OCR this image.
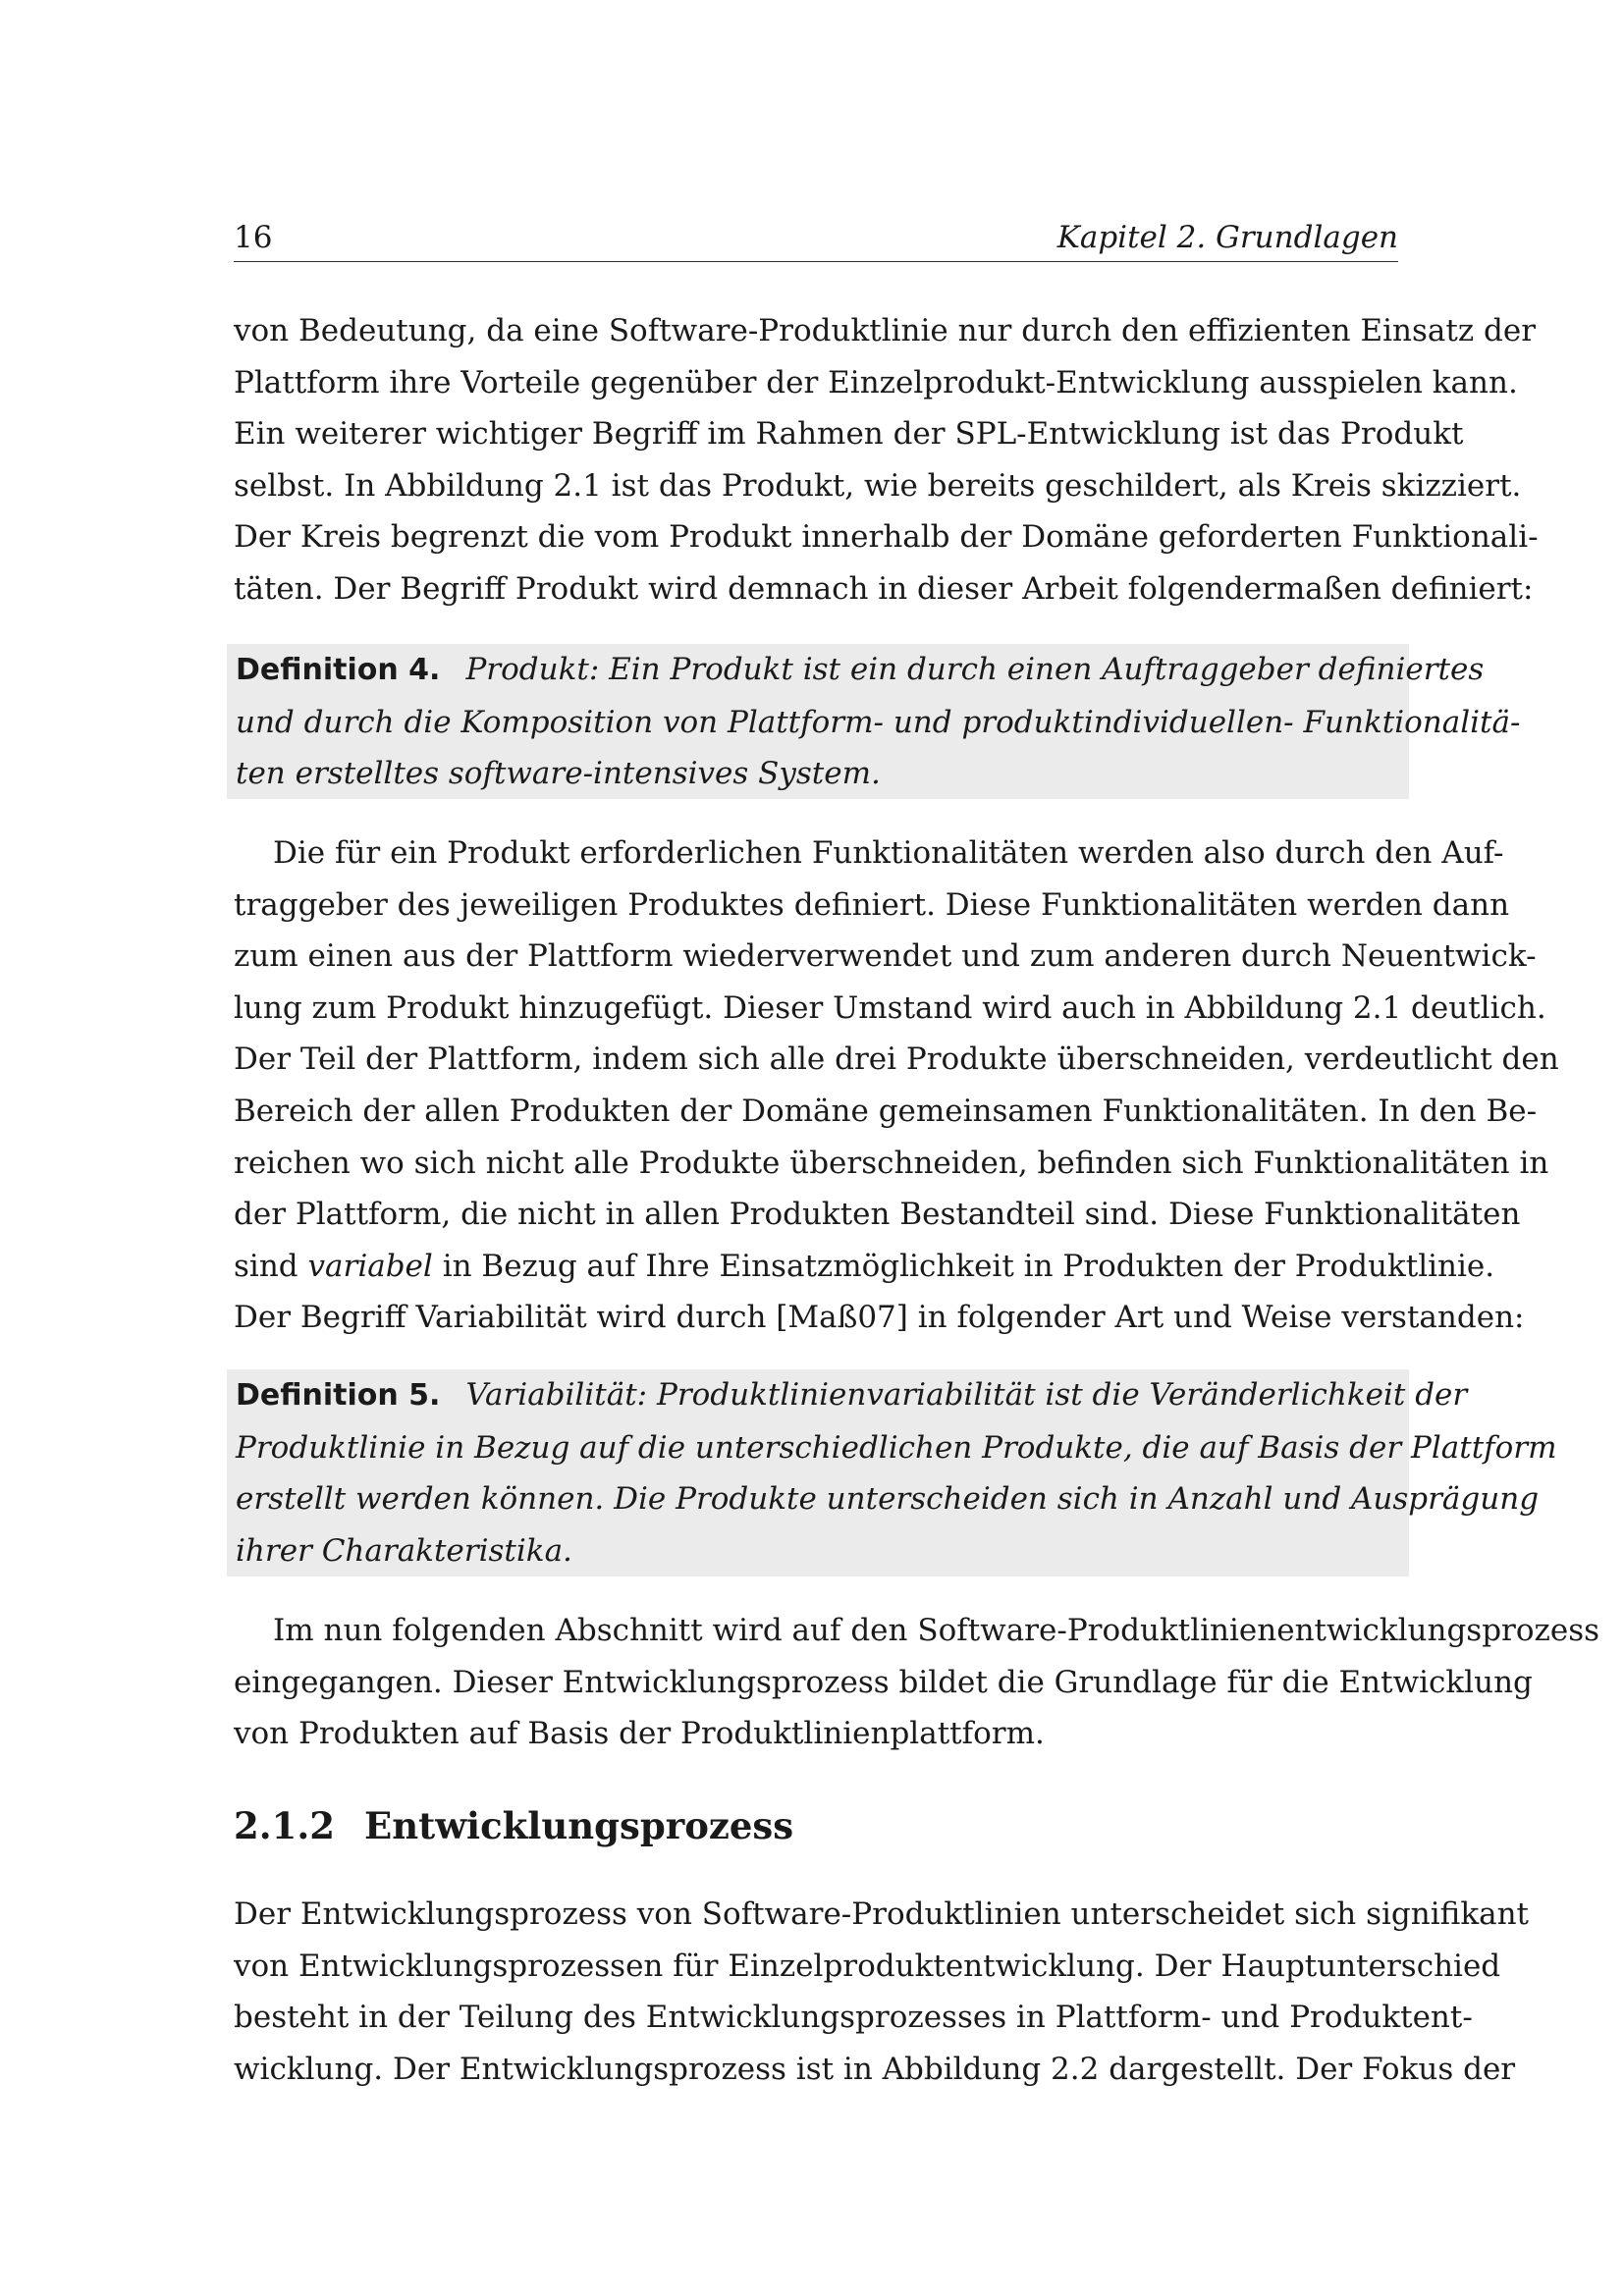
16	Kapitel 2. Grundlagen
von Bedeutung, da eine Software-Produktlinie nur durch den effizienten Einsatz der
Plattform ihre Vorteile gegenüber der Einzelprodukt-Entwicklung ausspielen kann.
Ein weiterer wichtiger Begriff im Rahmen der SPL-Entwicklung ist das Produkt
selbst. In Abbildung 2.1 ist das Produkt, wie bereits geschildert, als Kreis skizziert.
Der Kreis begrenzt die vom Produkt innerhalb der Domäne geforderten Funktionali-
täten. Der Begriff Produkt wird demnach in dieser Arbeit folgendermaßen definiert:
Definition 4. Produkt: Ein Produkt ist ein durch einen Auftraggeber definiertes
und durch die Komposition von Plattform- und produktindividuellen- Funktionalitä-
ten erstelltes software-intensives System.
Die für ein Produkt erforderlichen Funktionalitäten werden also durch den Auf-
traggeber des jeweiligen Produktes definiert. Diese Funktionalitäten werden dann
zum einen aus der Plattform wiederverwendet und zum anderen durch Neuentwick-
lung zum Produkt hinzugefügt. Dieser Umstand wird auch in Abbildung 2.1 deutlich.
Der Teil der Plattform, indem sich alle drei Produkte überschneiden, verdeutlicht den
Bereich der allen Produkten der Domäne gemeinsamen Funktionalitäten. In den Be-
reichen wo sich nicht alle Produkte überschneiden, befinden sich Funktionalitäten in
der Plattform, die nicht in allen Produkten Bestandteil sind. Diese Funktionalitäten
sind variabel in Bezug auf Ihre Einsatzmöglichkeit in Produkten der Produktlinie.
Der Begriff Variabilität wird durch [Maß07] in folgender Art und Weise verstanden:
Definition 5. Variabilität: Produktlinienvariabilität ist die Veränderlichkeit der
Produktlinie in Bezug auf die unterschiedlichen Produkte, die auf Basis der Plattform
erstellt werden können. Die Produkte unterscheiden sich in Anzahl und Ausprägung
ihrer Charakteristika.
Im nun folgenden Abschnitt wird auf den Software-Produktlinienentwicklungsprozess
eingegangen. Dieser Entwicklungsprozess bildet die Grundlage für die Entwicklung
von Produkten auf Basis der Produktlinienplattform.
2.1.2 Entwicklungsprozess
Der Entwicklungsprozess von Software-Produktlinien unterscheidet sich signifikant
von Entwicklungsprozessen für Einzelproduktentwicklung. Der Hauptunterschied
besteht in der Teilung des Entwicklungsprozesses in Plattform- und Produktent-
wicklung. Der Entwicklungsprozess ist in Abbildung 2.2 dargestellt. Der Fokus der
